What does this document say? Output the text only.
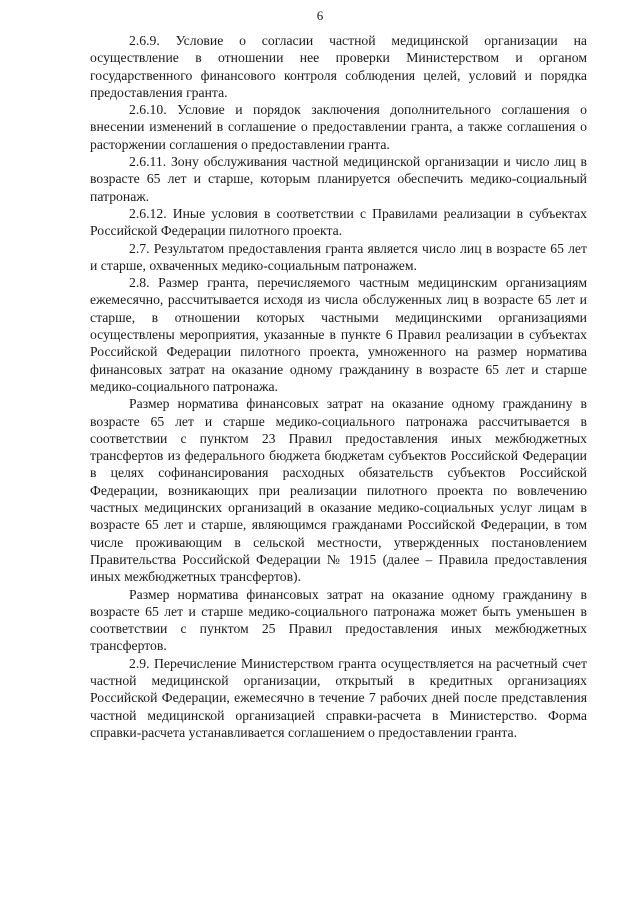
6

2.6.9. Условие о согласии частной медицинской организации на осуществление в отношении нее проверки Министерством и органом государственного финансового контроля соблюдения целей, условий и порядка предоставления гранта.

2.6.10. Условие и порядок заключения дополнительного соглашения о внесении изменений в соглашение о предоставлении гранта, а также соглашения о расторжении соглашения о предоставлении гранта.

2.6.11. Зону обслуживания частной медицинской организации и число лиц в возрасте 65 лет и старше, которым планируется обеспечить медико-социальный патронаж.

2.6.12. Иные условия в соответствии с Правилами реализации в субъектах Российской Федерации пилотного проекта.

2.7. Результатом предоставления гранта является число лиц в возрасте 65 лет и старше, охваченных медико-социальным патронажем.

2.8. Размер гранта, перечисляемого частным медицинским организациям ежемесячно, рассчитывается исходя из числа обслуженных лиц в возрасте 65 лет и старше, в отношении которых частными медицинскими организациями осуществлены мероприятия, указанные в пункте 6 Правил реализации в субъектах Российской Федерации пилотного проекта, умноженного на размер норматива финансовых затрат на оказание одному гражданину в возрасте 65 лет и старше медико-социального патронажа.

Размер норматива финансовых затрат на оказание одному гражданину в возрасте 65 лет и старше медико-социального патронажа рассчитывается в соответствии с пунктом 23 Правил предоставления иных межбюджетных трансфертов из федерального бюджета бюджетам субъектов Российской Федерации в целях софинансирования расходных обязательств субъектов Российской Федерации, возникающих при реализации пилотного проекта по вовлечению частных медицинских организаций в оказание медико-социальных услуг лицам в возрасте 65 лет и старше, являющимся гражданами Российской Федерации, в том числе проживающим в сельской местности, утвержденных постановлением Правительства Российской Федерации № 1915 (далее – Правила предоставления иных межбюджетных трансфертов).

Размер норматива финансовых затрат на оказание одному гражданину в возрасте 65 лет и старше медико-социального патронажа может быть уменьшен в соответствии с пунктом 25 Правил предоставления иных межбюджетных трансфертов.

2.9. Перечисление Министерством гранта осуществляется на расчетный счет частной медицинской организации, открытый в кредитных организациях Российской Федерации, ежемесячно в течение 7 рабочих дней после представления частной медицинской организацией справки-расчета в Министерство. Форма справки-расчета устанавливается соглашением о предоставлении гранта.
